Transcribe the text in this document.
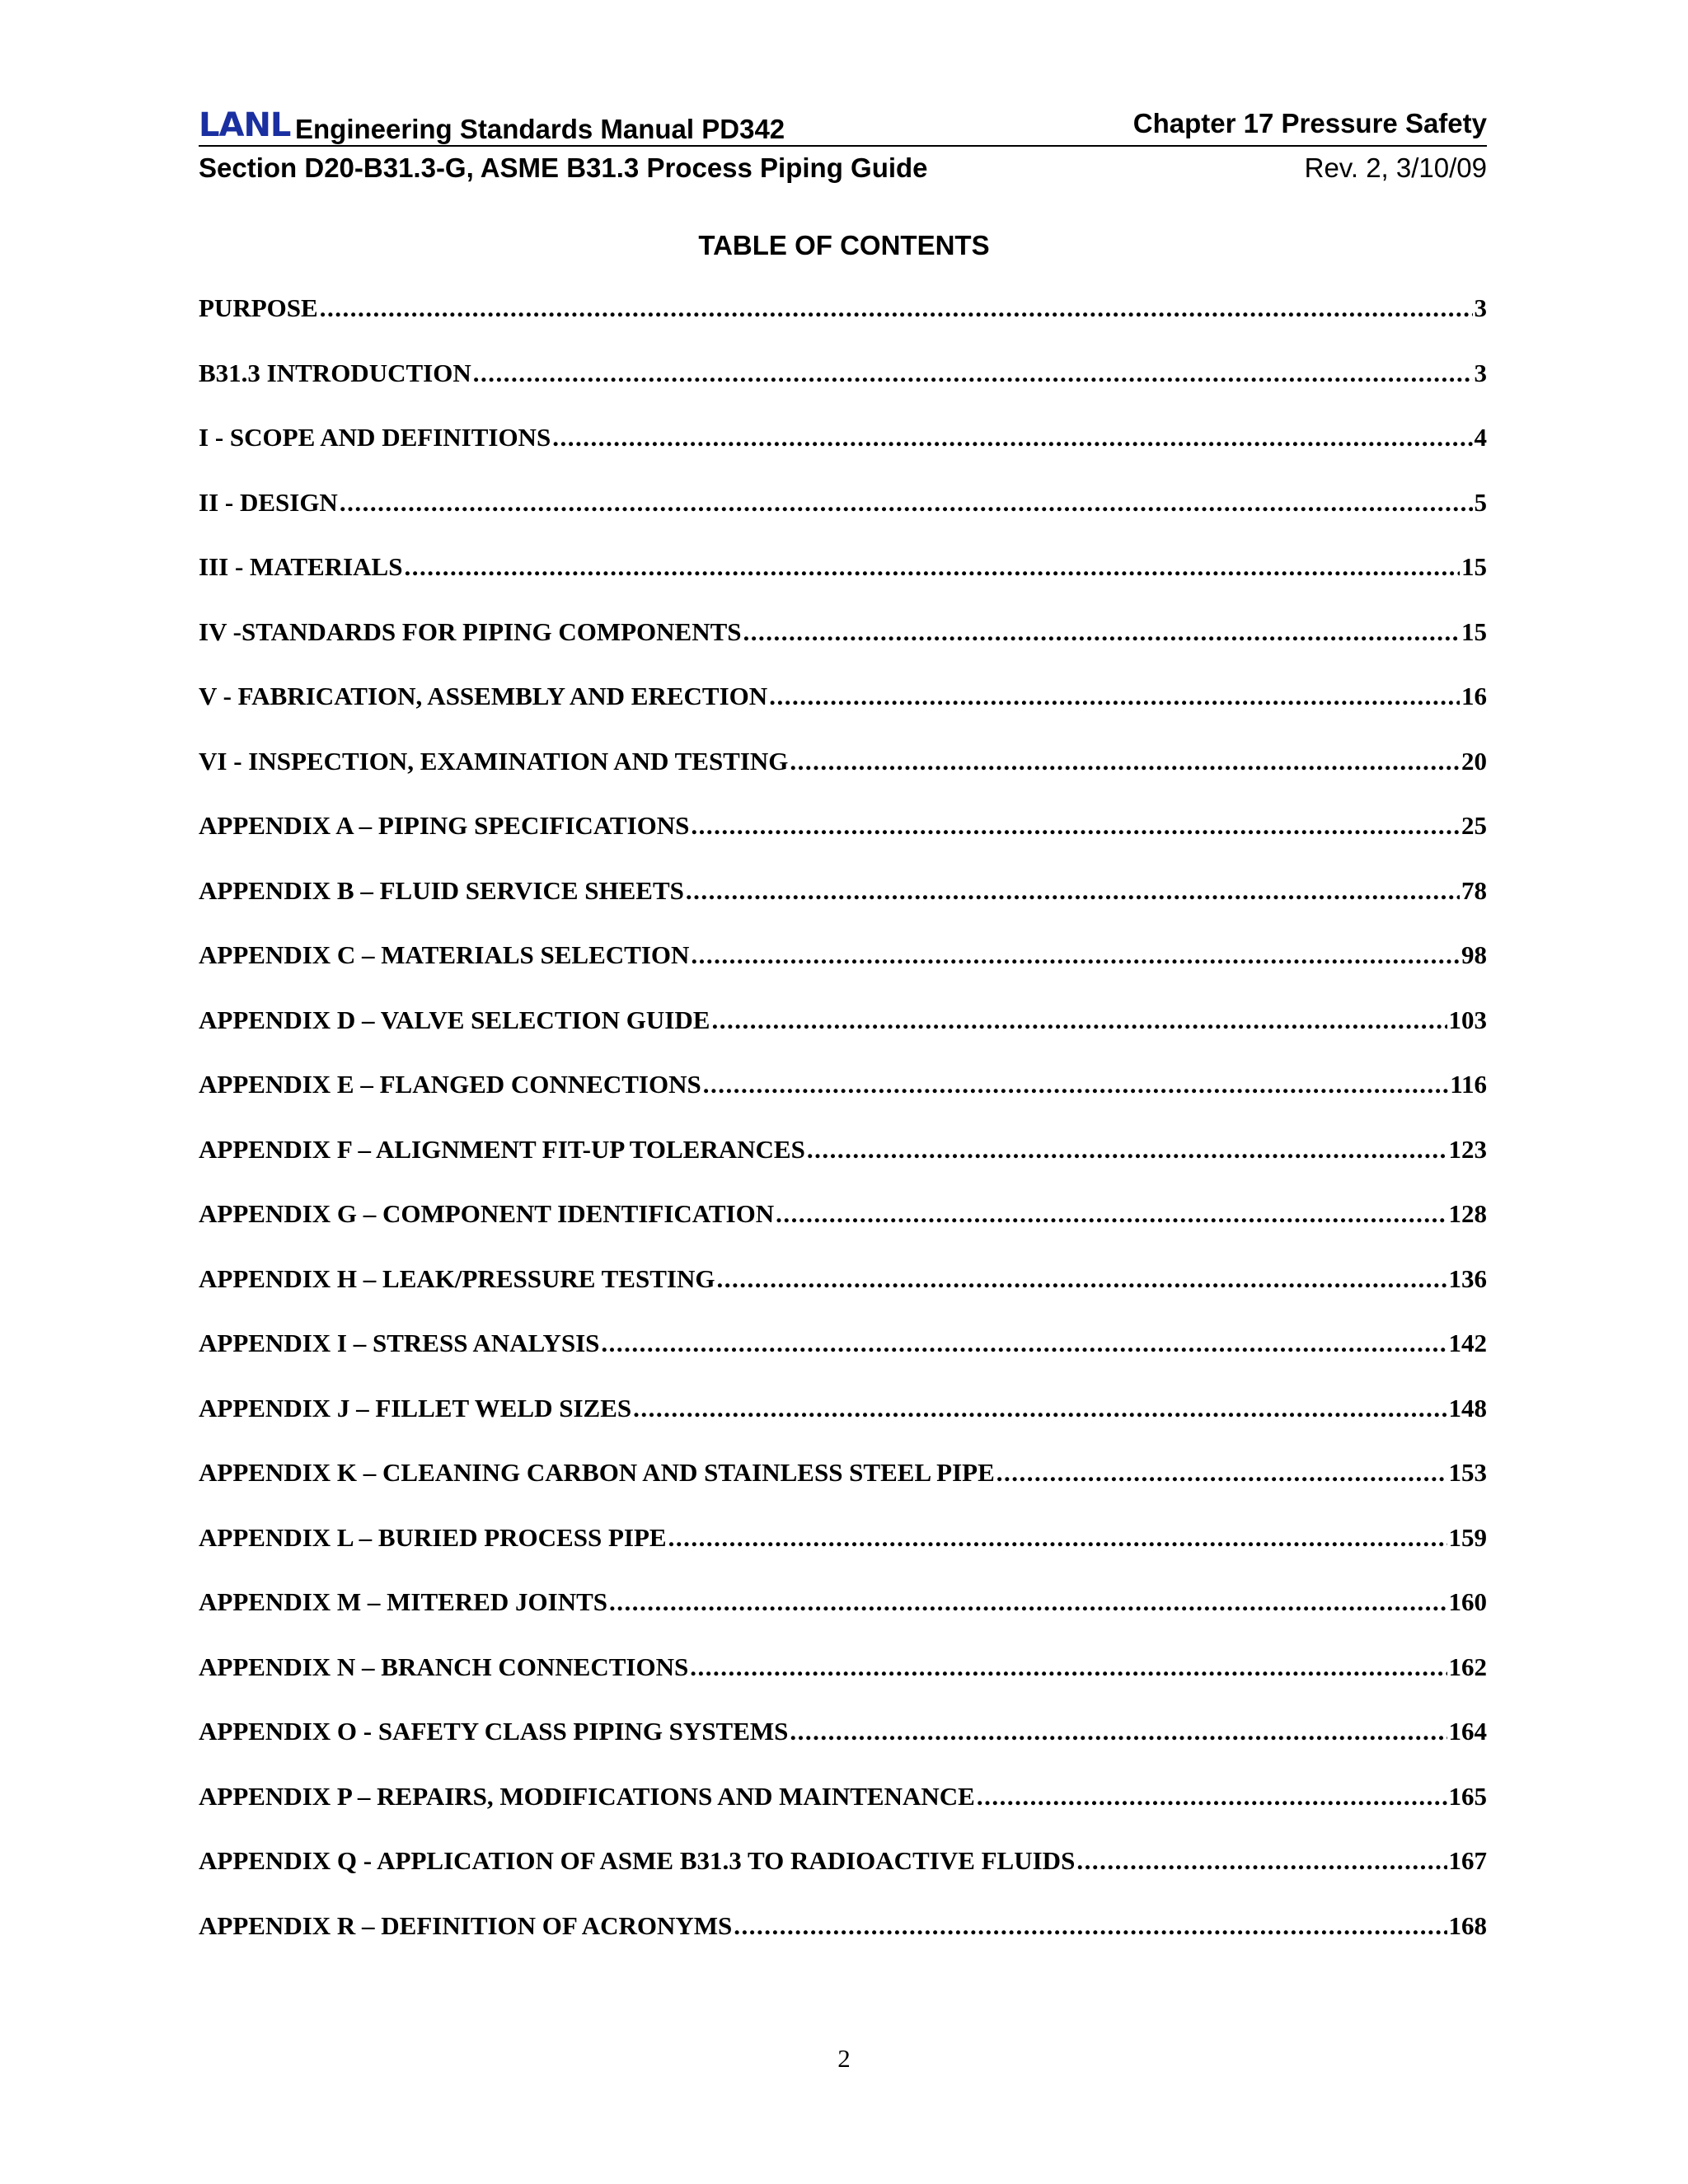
LANL Engineering Standards Manual PD342	Chapter 17 Pressure Safety
Section D20-B31.3-G, ASME B31.3 Process Piping Guide	Rev. 2, 3/10/09
TABLE OF CONTENTS
PURPOSE .....	3
B31.3 INTRODUCTION .....	3
I - SCOPE AND DEFINITIONS .....	4
II - DESIGN .....	5
III - MATERIALS .....	15
IV -STANDARDS FOR PIPING COMPONENTS .....	15
V - FABRICATION, ASSEMBLY AND ERECTION .....	16
VI - INSPECTION, EXAMINATION AND TESTING .....	20
APPENDIX A – PIPING SPECIFICATIONS .....	25
APPENDIX B – FLUID SERVICE SHEETS .....	78
APPENDIX C – MATERIALS SELECTION .....	98
APPENDIX D – VALVE SELECTION GUIDE .....	103
APPENDIX E – FLANGED CONNECTIONS .....	116
APPENDIX F – ALIGNMENT FIT-UP TOLERANCES .....	123
APPENDIX G – COMPONENT IDENTIFICATION .....	128
APPENDIX H – LEAK/PRESSURE TESTING .....	136
APPENDIX I – STRESS ANALYSIS .....	142
APPENDIX J – FILLET WELD SIZES .....	148
APPENDIX K – CLEANING CARBON AND STAINLESS STEEL PIPE .....	153
APPENDIX L – BURIED PROCESS PIPE .....	159
APPENDIX M – MITERED JOINTS .....	160
APPENDIX N – BRANCH CONNECTIONS .....	162
APPENDIX O - SAFETY CLASS PIPING SYSTEMS .....	164
APPENDIX P – REPAIRS, MODIFICATIONS AND MAINTENANCE .....	165
APPENDIX Q - APPLICATION OF ASME B31.3 TO RADIOACTIVE FLUIDS .....	167
APPENDIX R – DEFINITION OF ACRONYMS .....	168
2
